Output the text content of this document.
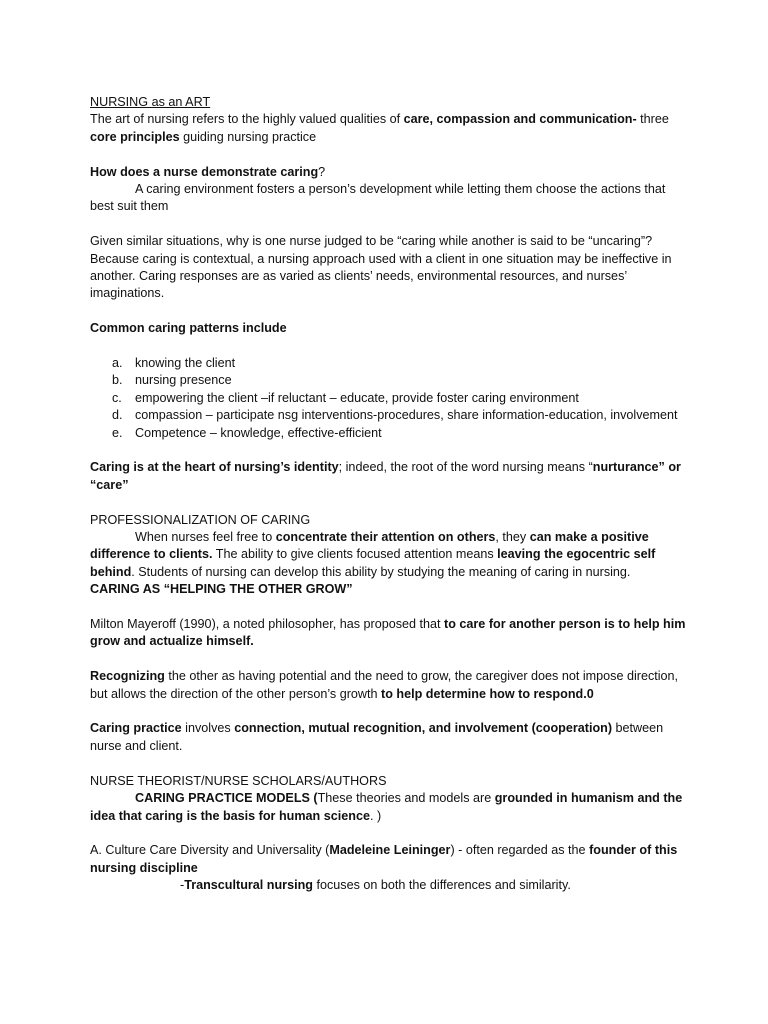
NURSING as an ART

The art of nursing refers to the highly valued qualities of care, compassion and communication- three core principles guiding nursing practice

How does a nurse demonstrate caring?

A caring environment fosters a person’s development while letting them choose the actions that best suit them

Given similar situations, why is one nurse judged to be “caring while another is said to be “uncaring”? Because caring is contextual, a nursing approach used with a client in one situation may be ineffective in another. Caring responses are as varied as clients’ needs, environmental resources, and nurses’ imaginations.

Common caring patterns include

a. knowing the client
b. nursing presence
c. empowering the client –if reluctant – educate, provide foster caring environment
d. compassion – participate nsg interventions-procedures, share information-education, involvement
e. Competence – knowledge, effective-efficient

Caring is at the heart of nursing’s identity; indeed, the root of the word nursing means “nurturance” or “care”

PROFESSIONALIZATION OF CARING

When nurses feel free to concentrate their attention on others, they can make a positive difference to clients. The ability to give clients focused attention means leaving the egocentric self behind. Students of nursing can develop this ability by studying the meaning of caring in nursing.

CARING AS “HELPING THE OTHER GROW”

Milton Mayeroff (1990), a noted philosopher, has proposed that to care for another person is to help him grow and actualize himself.

Recognizing the other as having potential and the need to grow, the caregiver does not impose direction, but allows the direction of the other person’s growth to help determine how to respond.0

Caring practice involves connection, mutual recognition, and involvement (cooperation) between nurse and client.

NURSE THEORIST/NURSE SCHOLARS/AUTHORS

CARING PRACTICE MODELS (These theories and models are grounded in humanism and the idea that caring is the basis for human science. )

A. Culture Care Diversity and Universality (Madeleine Leininger) - often regarded as the founder of this nursing discipline

-Transcultural nursing focuses on both the differences and similarity.
